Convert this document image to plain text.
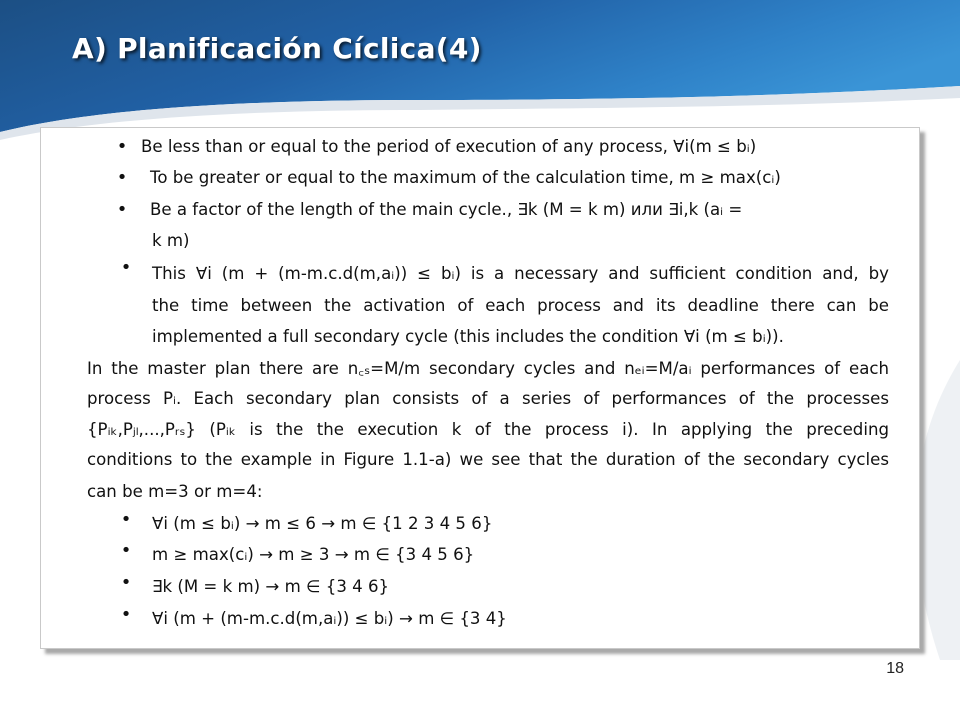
A) Planificación Cíclica(4)
• Be less than or equal to the period of execution of any process, ∀i(m ≤ bᵢ)
• To be greater or equal to the maximum of the calculation time, m ≥ max(cᵢ)
• Be a factor of the length of the main cycle., ∃k (M = k m) или ∃i,k (aᵢ =
k m)
• This ∀i (m + (m-m.c.d(m,aᵢ)) ≤ bᵢ) is a necessary and sufficient condition and, by
the time between the activation of each process and its deadline there can be
implemented a full secondary cycle (this includes the condition ∀i (m ≤ bᵢ)).
In the master plan there are n꜀ₛ=M/m secondary cycles and nₑᵢ=M/aᵢ performances of each
process Pᵢ. Each secondary plan consists of a series of performances of the processes
{Pᵢₖ,Pⱼₗ,...,Pᵣₛ} (Pᵢₖ is the the execution k of the process i). In applying the preceding
conditions to the example in Figure 1.1-a) we see that the duration of the secondary cycles
can be m=3 or m=4:
• ∀i (m ≤ bᵢ) → m ≤ 6 → m ∈ {1 2 3 4 5 6}
• m ≥ max(cᵢ) → m ≥ 3 → m ∈ {3 4 5 6}
• ∃k (M = k m) → m ∈ {3 4 6}
• ∀i (m + (m-m.c.d(m,aᵢ)) ≤ bᵢ) → m ∈ {3 4}
18
